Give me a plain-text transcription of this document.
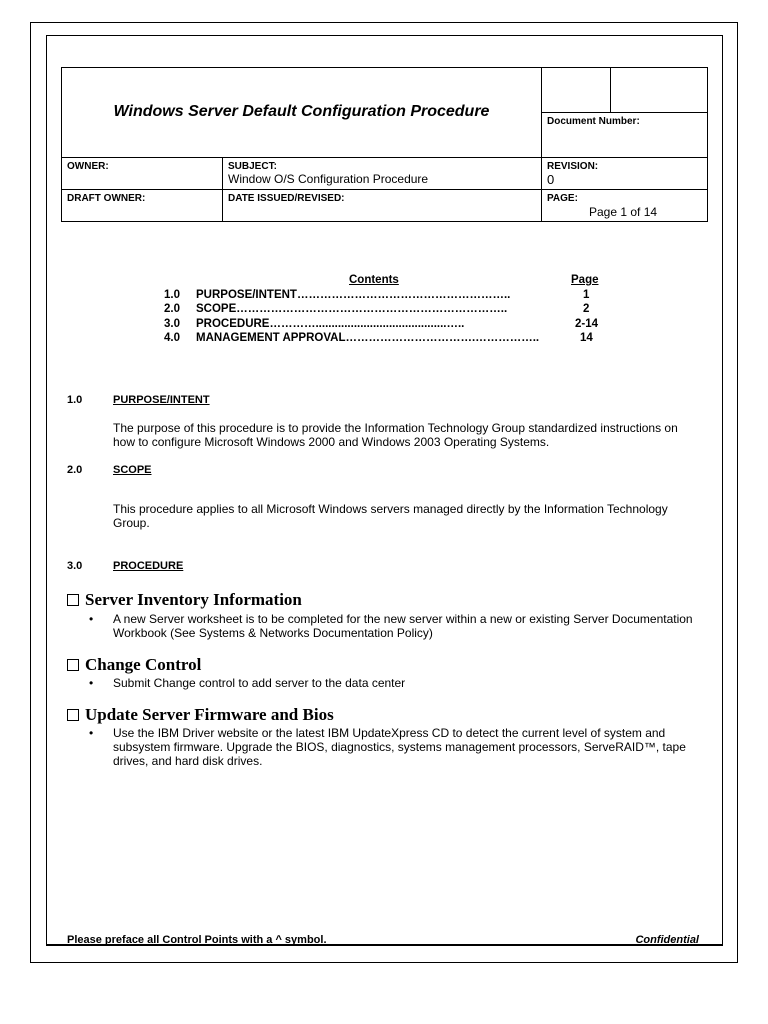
Windows Server Default Configuration Procedure
Document Number:
OWNER:	SUBJECT:
Window O/S Configuration Procedure
REVISION:
0
DRAFT OWNER:	DATE ISSUED/REVISED:	PAGE:
Page 1 of 14
Contents	Page
1.0 PURPOSE/INTENT………………………………………………..	1
2.0 SCOPE……………………………………………………………..	2
3.0 PROCEDURE………….........................................…..	2-14
4.0 MANAGEMENT APPROVAL…………………………….……………..	14
1.0	PURPOSE/INTENT
The purpose of this procedure is to provide the Information Technology Group standardized instructions on how to configure Microsoft Windows 2000 and Windows 2003 Operating Systems.
2.0	SCOPE
This procedure applies to all Microsoft Windows servers managed directly by the Information Technology Group.
3.0	PROCEDURE
Server Inventory Information
•	A new Server worksheet is to be completed for the new server within a new or existing Server Documentation Workbook (See Systems & Networks Documentation Policy)
Change Control
•	Submit Change control to add server to the data center
Update Server Firmware and Bios
•	Use the IBM Driver website or the latest IBM UpdateXpress CD to detect the current level of system and subsystem firmware. Upgrade the BIOS, diagnostics, systems management processors, ServeRAID™, tape drives, and hard disk drives.
Please preface all Control Points with a ^ symbol.	Confidential
